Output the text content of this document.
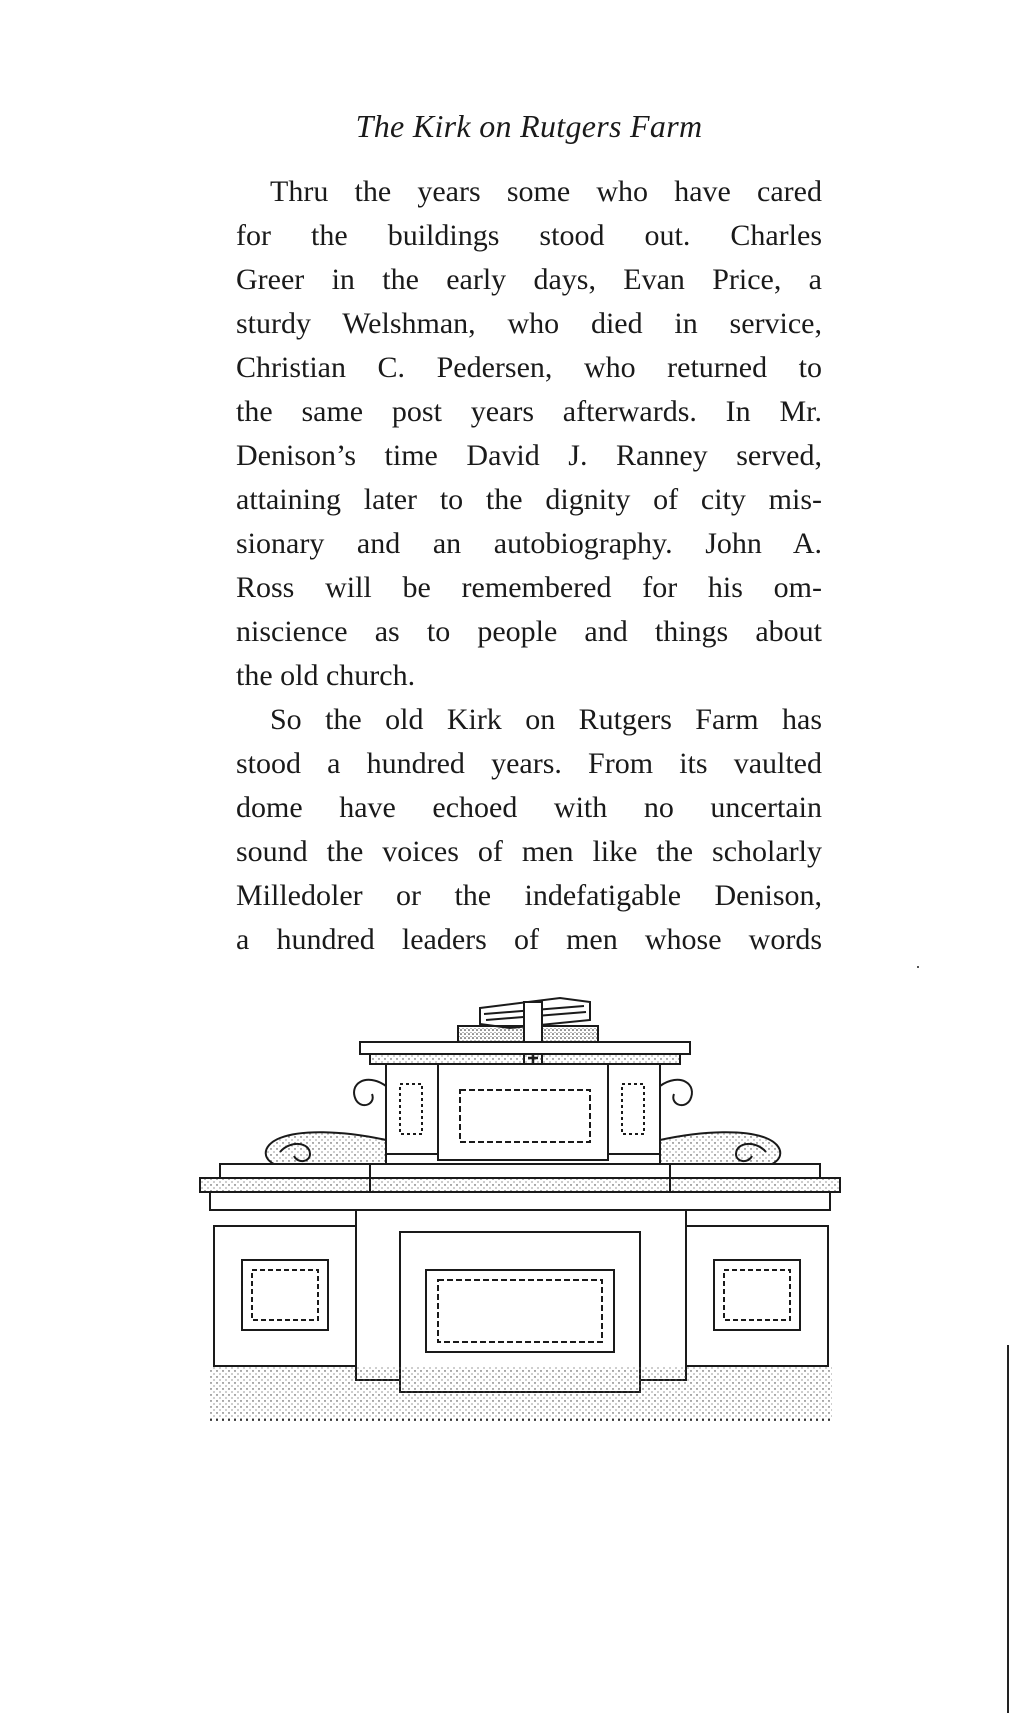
The Kirk on Rutgers Farm

Thru the years some who have cared
for the buildings stood out. Charles
Greer in the early days, Evan Price, a
sturdy Welshman, who died in service,
Christian C. Pedersen, who returned to
the same post years afterwards. In Mr.
Denison’s time David J. Ranney served,
attaining later to the dignity of city mis-
sionary and an autobiography. John A.
Ross will be remembered for his om-
niscience as to people and things about
the old church.

So the old Kirk on Rutgers Farm has
stood a hundred years. From its vaulted
dome have echoed with no uncertain
sound the voices of men like the scholarly
Milledoler or the indefatigable Denison,
a hundred leaders of men whose words
